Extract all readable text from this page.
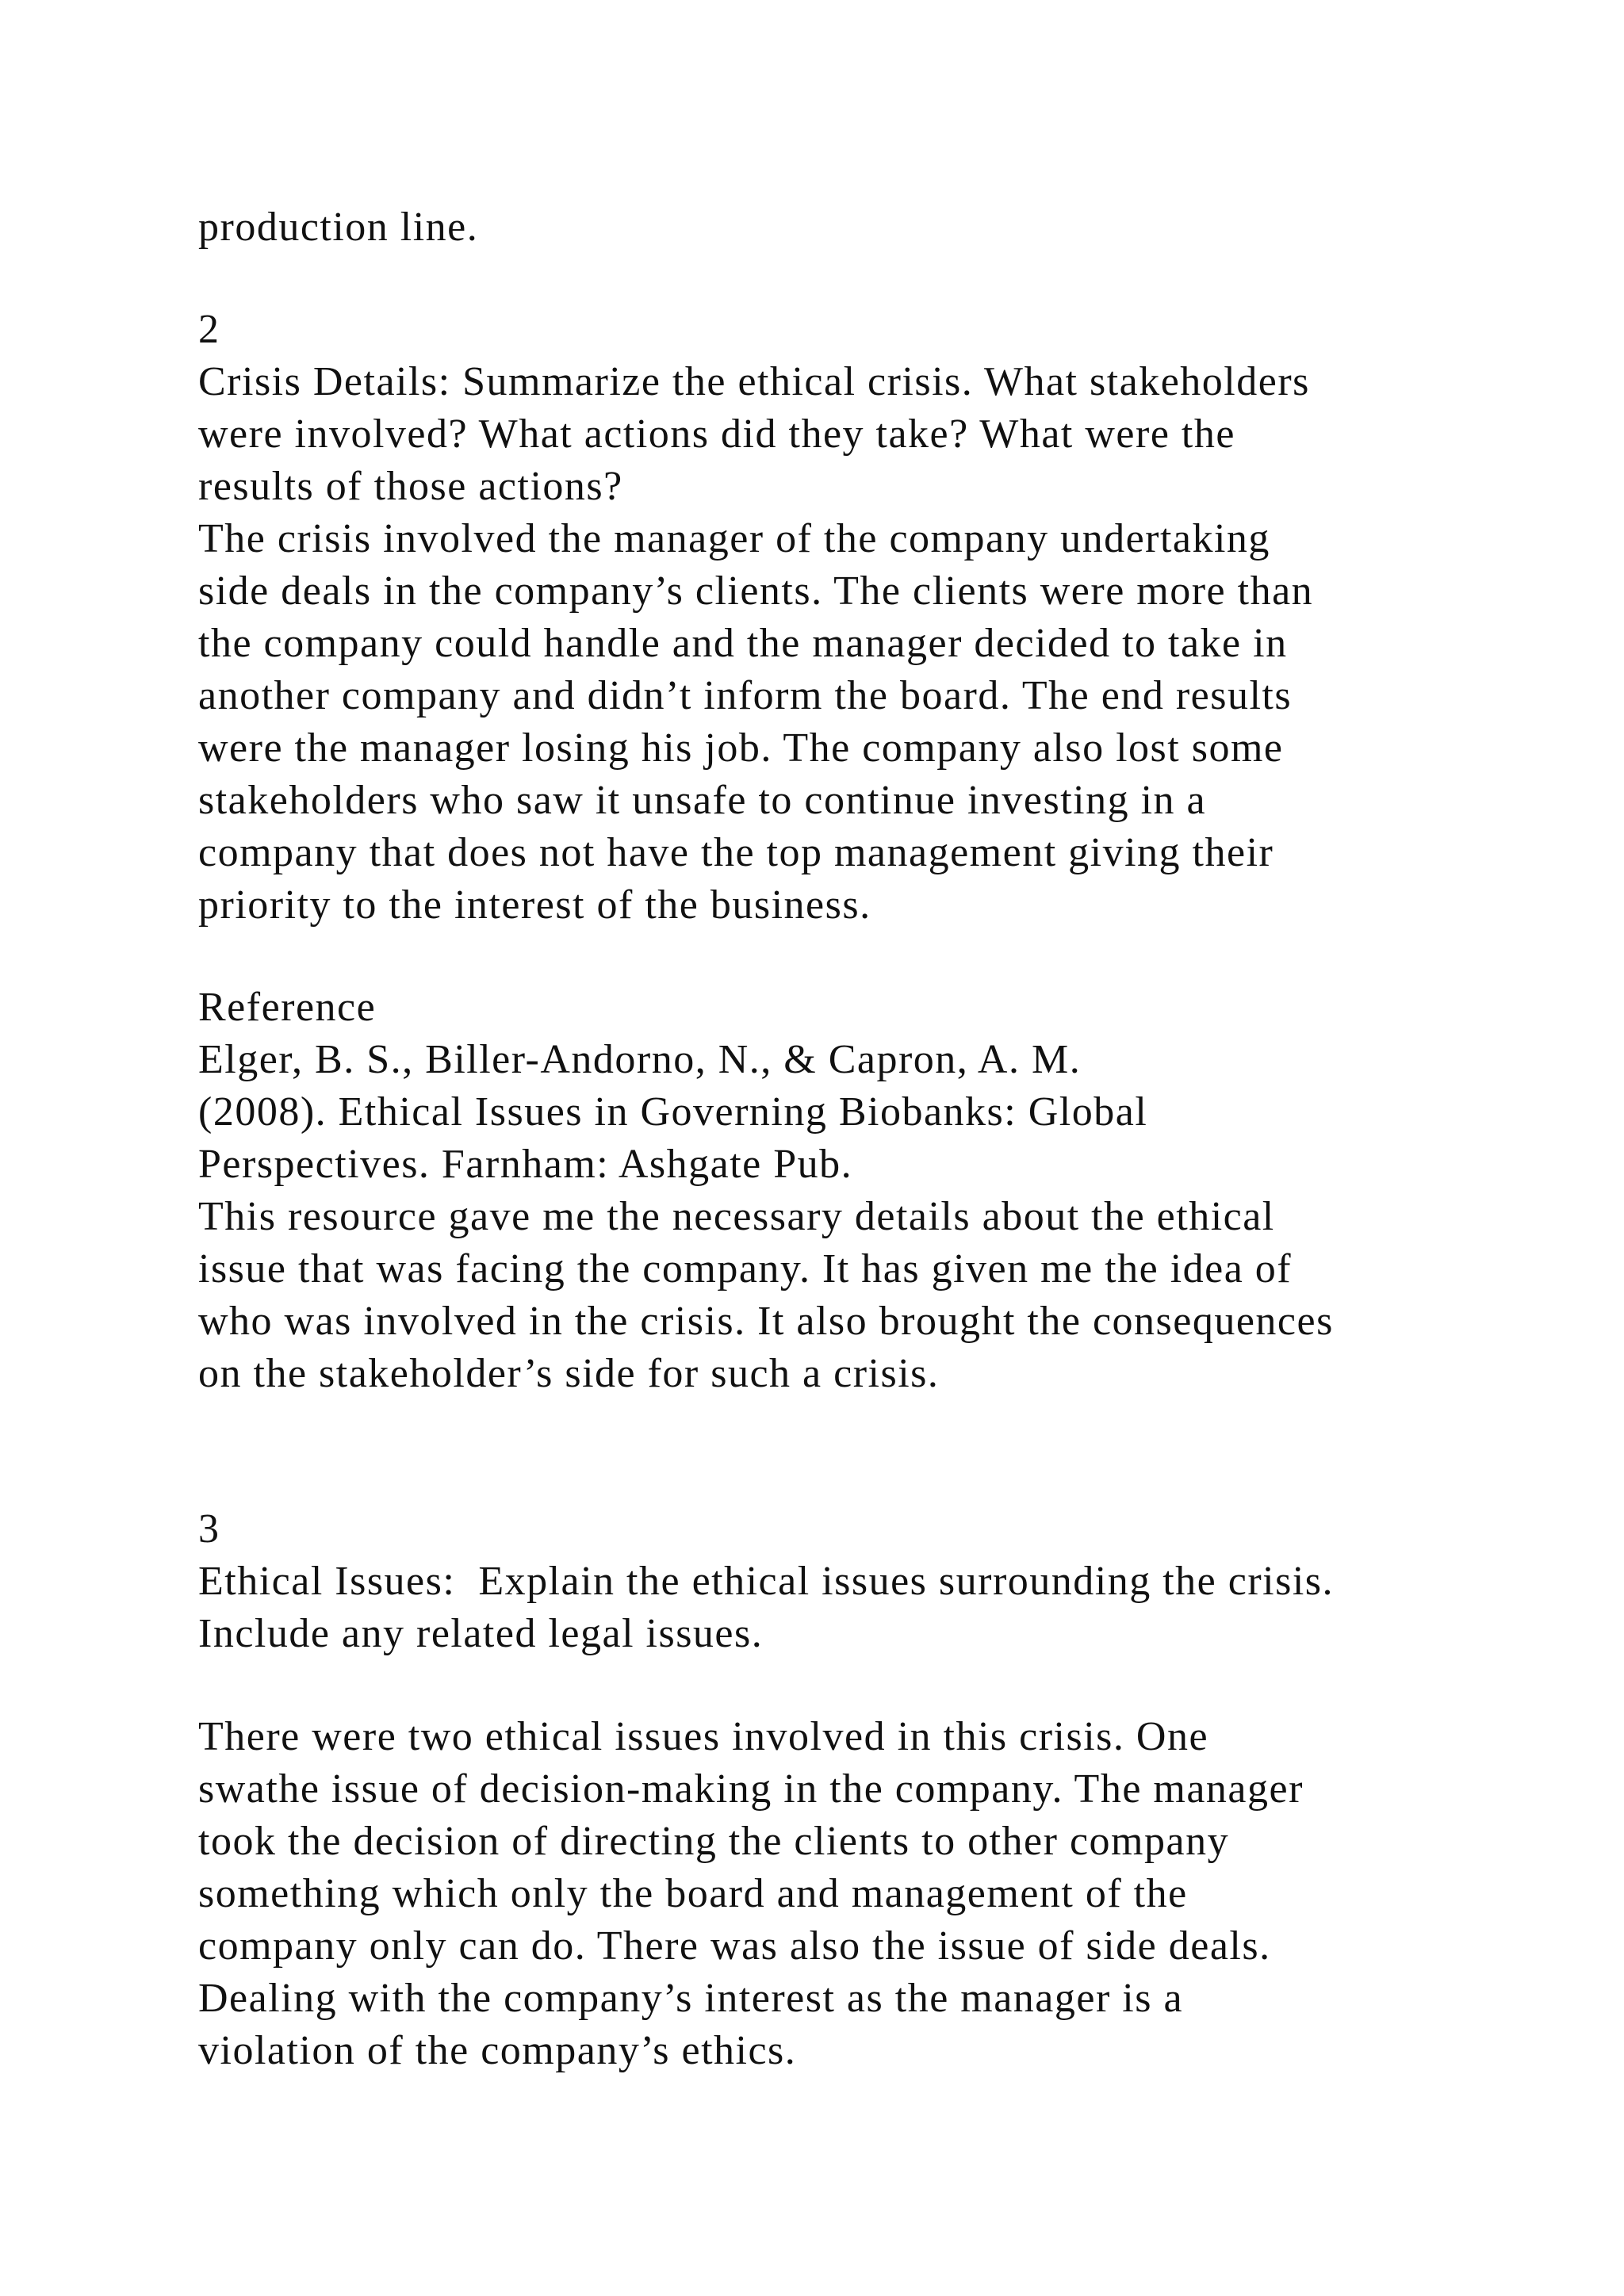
production line.
2
Crisis Details: Summarize the ethical crisis. What stakeholders
were involved? What actions did they take? What were the
results of those actions?
The crisis involved the manager of the company undertaking
side deals in the company’s clients. The clients were more than
the company could handle and the manager decided to take in
another company and didn’t inform the board. The end results
were the manager losing his job. The company also lost some
stakeholders who saw it unsafe to continue investing in a
company that does not have the top management giving their
priority to the interest of the business.
Reference
Elger, B. S., Biller-Andorno, N., & Capron, A. M.
(2008). Ethical Issues in Governing Biobanks: Global
Perspectives. Farnham: Ashgate Pub.
This resource gave me the necessary details about the ethical
issue that was facing the company. It has given me the idea of
who was involved in the crisis. It also brought the consequences
on the stakeholder’s side for such a crisis.
3
Ethical Issues:  Explain the ethical issues surrounding the crisis.
Include any related legal issues.
There were two ethical issues involved in this crisis. One
swathe issue of decision-making in the company. The manager
took the decision of directing the clients to other company
something which only the board and management of the
company only can do. There was also the issue of side deals.
Dealing with the company’s interest as the manager is a
violation of the company’s ethics.
